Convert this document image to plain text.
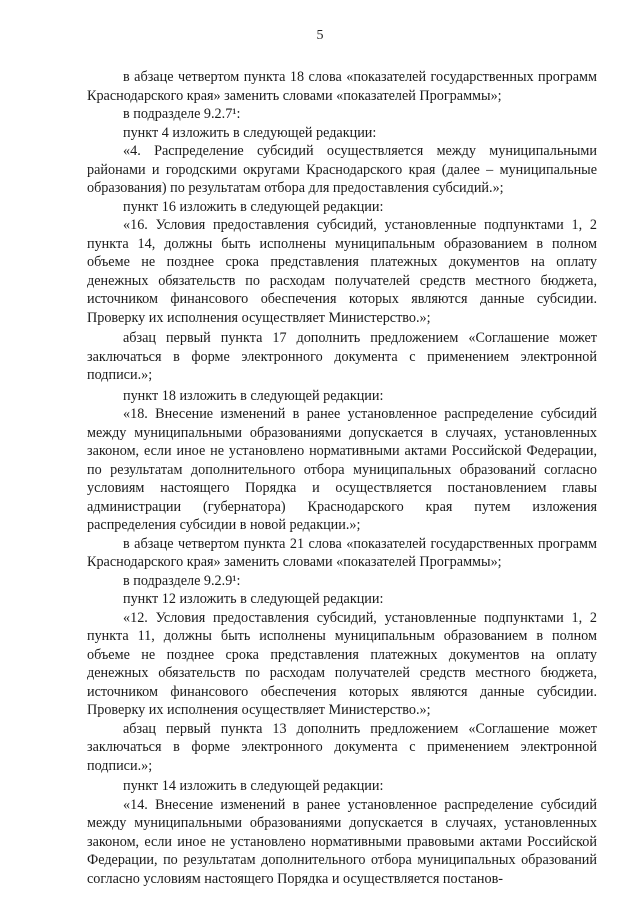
5

в абзаце четвертом пункта 18 слова «показателей государственных программ Краснодарского края» заменить словами «показателей Программы»;

в подразделе 9.2.7¹:

пункт 4 изложить в следующей редакции:

«4. Распределение субсидий осуществляется между муниципальными районами и городскими округами Краснодарского края (далее – муниципальные образования) по результатам отбора для предоставления субсидий.»;

пункт 16 изложить в следующей редакции:

«16. Условия предоставления субсидий, установленные подпунктами 1, 2 пункта 14, должны быть исполнены муниципальным образованием в полном объеме не позднее срока представления платежных документов на оплату денежных обязательств по расходам получателей средств местного бюджета, источником финансового обеспечения которых являются данные субсидии. Проверку их исполнения осуществляет Министерство.»;

абзац первый пункта 17 дополнить предложением «Соглашение может заключаться в форме электронного документа с применением электронной подписи.»;

пункт 18 изложить в следующей редакции:

«18. Внесение изменений в ранее установленное распределение субсидий между муниципальными образованиями допускается в случаях, установленных законом, если иное не установлено нормативными актами Российской Федерации, по результатам дополнительного отбора муниципальных образований согласно условиям настоящего Порядка и осуществляется постановлением главы администрации (губернатора) Краснодарского края путем изложения распределения субсидии в новой редакции.»;

в абзаце четвертом пункта 21 слова «показателей государственных программ Краснодарского края» заменить словами «показателей Программы»;

в подразделе 9.2.9¹:

пункт 12 изложить в следующей редакции:

«12. Условия предоставления субсидий, установленные подпунктами 1, 2 пункта 11, должны быть исполнены муниципальным образованием в полном объеме не позднее срока представления платежных документов на оплату денежных обязательств по расходам получателей средств местного бюджета, источником финансового обеспечения которых являются данные субсидии. Проверку их исполнения осуществляет Министерство.»;

абзац первый пункта 13 дополнить предложением «Соглашение может заключаться в форме электронного документа с применением электронной подписи.»;

пункт 14 изложить в следующей редакции:

«14. Внесение изменений в ранее установленное распределение субсидий между муниципальными образованиями допускается в случаях, установленных законом, если иное не установлено нормативными правовыми актами Российской Федерации, по результатам дополнительного отбора муниципальных образований согласно условиям настоящего Порядка и осуществляется постанов-
